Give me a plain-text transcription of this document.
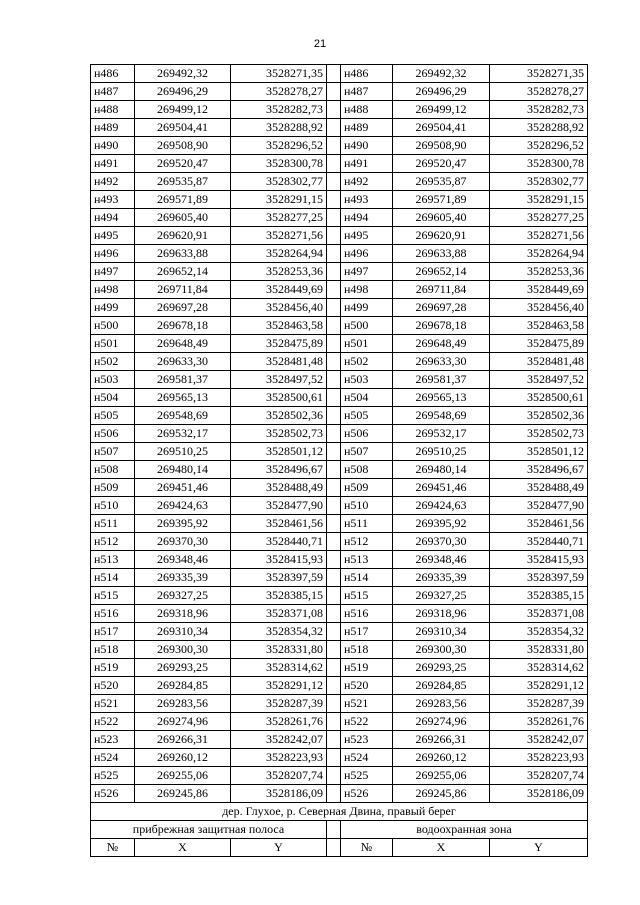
21
н486	269492,32	3528271,35		н486	269492,32	3528271,35
н487	269496,29	3528278,27		н487	269496,29	3528278,27
н488	269499,12	3528282,73		н488	269499,12	3528282,73
н489	269504,41	3528288,92		н489	269504,41	3528288,92
н490	269508,90	3528296,52		н490	269508,90	3528296,52
н491	269520,47	3528300,78		н491	269520,47	3528300,78
н492	269535,87	3528302,77		н492	269535,87	3528302,77
н493	269571,89	3528291,15		н493	269571,89	3528291,15
н494	269605,40	3528277,25		н494	269605,40	3528277,25
н495	269620,91	3528271,56		н495	269620,91	3528271,56
н496	269633,88	3528264,94		н496	269633,88	3528264,94
н497	269652,14	3528253,36		н497	269652,14	3528253,36
н498	269711,84	3528449,69		н498	269711,84	3528449,69
н499	269697,28	3528456,40		н499	269697,28	3528456,40
н500	269678,18	3528463,58		н500	269678,18	3528463,58
н501	269648,49	3528475,89		н501	269648,49	3528475,89
н502	269633,30	3528481,48		н502	269633,30	3528481,48
н503	269581,37	3528497,52		н503	269581,37	3528497,52
н504	269565,13	3528500,61		н504	269565,13	3528500,61
н505	269548,69	3528502,36		н505	269548,69	3528502,36
н506	269532,17	3528502,73		н506	269532,17	3528502,73
н507	269510,25	3528501,12		н507	269510,25	3528501,12
н508	269480,14	3528496,67		н508	269480,14	3528496,67
н509	269451,46	3528488,49		н509	269451,46	3528488,49
н510	269424,63	3528477,90		н510	269424,63	3528477,90
н511	269395,92	3528461,56		н511	269395,92	3528461,56
н512	269370,30	3528440,71		н512	269370,30	3528440,71
н513	269348,46	3528415,93		н513	269348,46	3528415,93
н514	269335,39	3528397,59		н514	269335,39	3528397,59
н515	269327,25	3528385,15		н515	269327,25	3528385,15
н516	269318,96	3528371,08		н516	269318,96	3528371,08
н517	269310,34	3528354,32		н517	269310,34	3528354,32
н518	269300,30	3528331,80		н518	269300,30	3528331,80
н519	269293,25	3528314,62		н519	269293,25	3528314,62
н520	269284,85	3528291,12		н520	269284,85	3528291,12
н521	269283,56	3528287,39		н521	269283,56	3528287,39
н522	269274,96	3528261,76		н522	269274,96	3528261,76
н523	269266,31	3528242,07		н523	269266,31	3528242,07
н524	269260,12	3528223,93		н524	269260,12	3528223,93
н525	269255,06	3528207,74		н525	269255,06	3528207,74
н526	269245,86	3528186,09		н526	269245,86	3528186,09
дер. Глухое, р. Северная Двина, правый берег						
прибрежная защитная полоса				водоохранная зона		
№	X	Y		№	X	Y
